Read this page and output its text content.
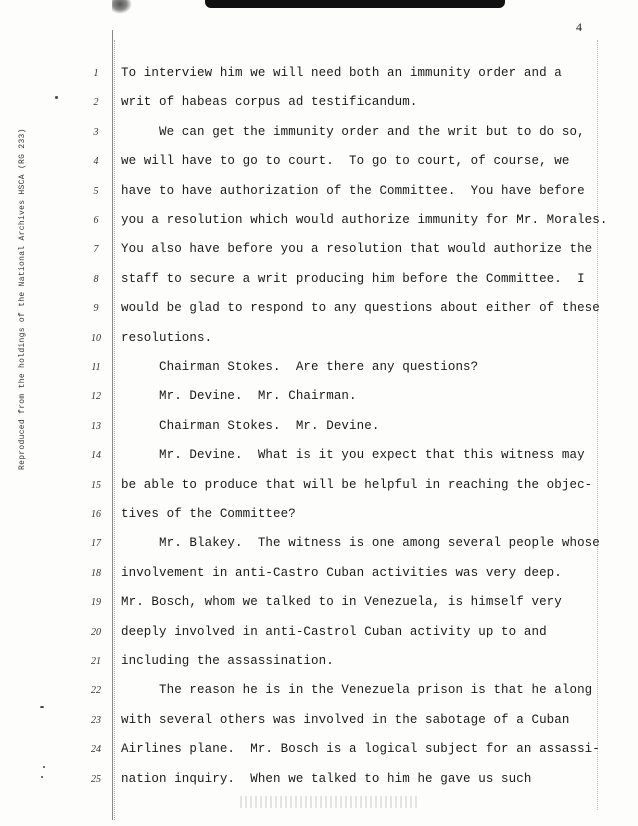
4
Reproduced from the holdings of the National Archives HSCA (RG 233)
1
2
3
4
5
6
7
8
9
10
11
12
13
14
15
16
17
18
19
20
21
22
23
24
25
To interview him we will need both an immunity order and a
writ of habeas corpus ad testificandum.
We can get the immunity order and the writ but to do so,
we will have to go to court.  To go to court, of course, we
have to have authorization of the Committee.  You have before
you a resolution which would authorize immunity for Mr. Morales.
You also have before you a resolution that would authorize the
staff to secure a writ producing him before the Committee.  I
would be glad to respond to any questions about either of these
resolutions.
Chairman Stokes.  Are there any questions?
Mr. Devine.  Mr. Chairman.
Chairman Stokes.  Mr. Devine.
Mr. Devine.  What is it you expect that this witness may
be able to produce that will be helpful in reaching the objec-
tives of the Committee?
Mr. Blakey.  The witness is one among several people whose
involvement in anti-Castro Cuban activities was very deep.
Mr. Bosch, whom we talked to in Venezuela, is himself very
deeply involved in anti-Castrol Cuban activity up to and
including the assassination.
The reason he is in the Venezuela prison is that he along
with several others was involved in the sabotage of a Cuban
Airlines plane.  Mr. Bosch is a logical subject for an assassi-
nation inquiry.  When we talked to him he gave us such
